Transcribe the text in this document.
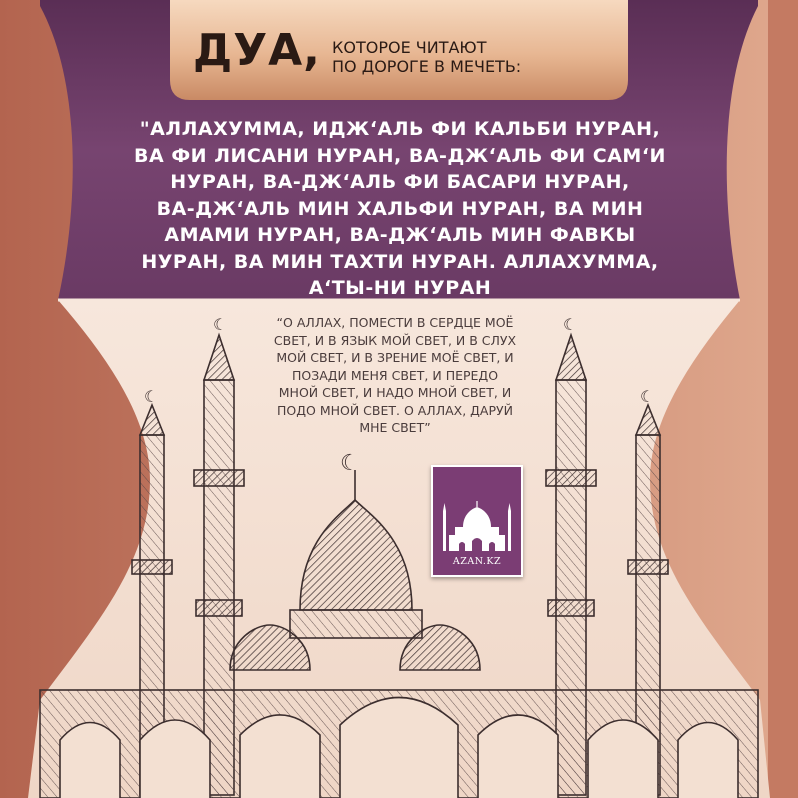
☾	☾
☾	☾
☾
ДУА, КОТОРОЕ ЧИТАЮТ
ПО ДОРОГЕ В МЕЧЕТЬ:
"АЛЛАХУММА, ИДЖʻАЛЬ ФИ КАЛЬБИ НУРАН,
ВА ФИ ЛИСАНИ НУРАН, ВА-ДЖʻАЛЬ ФИ САМʻИ
НУРАН, ВА-ДЖʻАЛЬ ФИ БАСАРИ НУРАН,
ВА-ДЖʻАЛЬ МИН ХАЛЬФИ НУРАН, ВА МИН
АМАМИ НУРАН, ВА-ДЖʻАЛЬ МИН ФАВКЫ
НУРАН, ВА МИН ТАХТИ НУРАН. АЛЛАХУММА,
АʻТЫ-НИ НУРАН
“О АЛЛАХ, ПОМЕСТИ В СЕРДЦЕ МОЁ
СВЕТ, И В ЯЗЫК МОЙ СВЕТ, И В СЛУХ
МОЙ СВЕТ, И В ЗРЕНИЕ МОЁ СВЕТ, И
ПОЗАДИ МЕНЯ СВЕТ, И ПЕРЕДО
МНОЙ СВЕТ, И НАДО МНОЙ СВЕТ, И
ПОДО МНОЙ СВЕТ. О АЛЛАХ, ДАРУЙ
МНЕ СВЕТ”
AZAN.KZ
